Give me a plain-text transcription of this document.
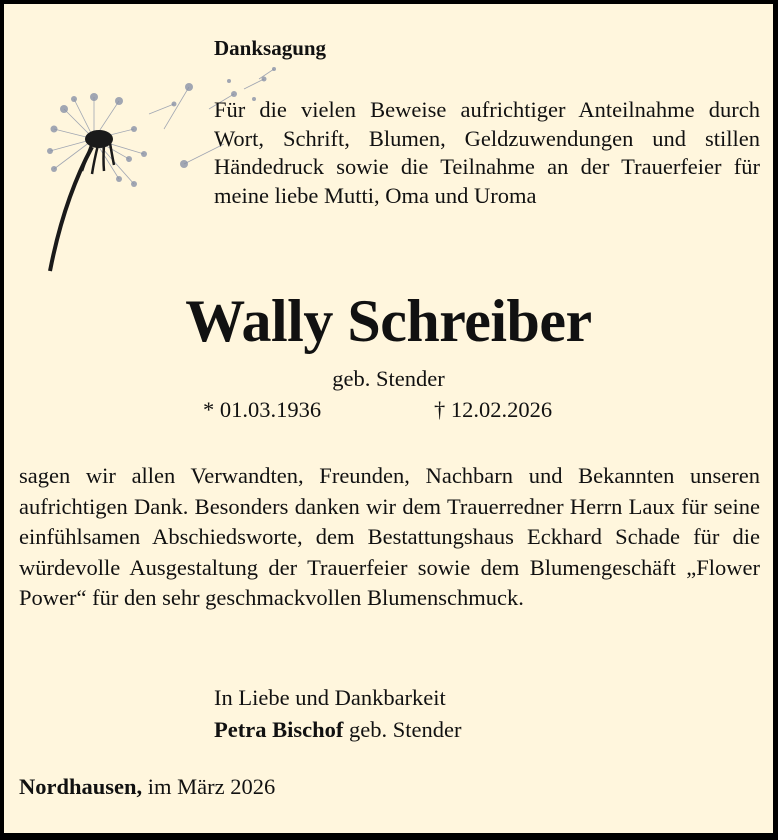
Danksagung
Für die vielen Beweise aufrichtiger Anteilnahme durch Wort, Schrift, Blumen, Geldzuwendungen und stillen Händedruck sowie die Teilnahme an der Trauerfeier für meine liebe Mutti, Oma und Uroma
Wally Schreiber
geb. Stender
* 01.03.1936	† 12.02.2026
sagen wir allen Verwandten, Freunden, Nachbarn und Bekannten unseren aufrichtigen Dank. Besonders danken wir dem Trauerredner Herrn Laux für seine einfühlsamen Abschiedsworte, dem Bestattungshaus Eckhard Schade für die würdevolle Ausgestaltung der Trauerfeier sowie dem Blumengeschäft „Flower Power“ für den sehr geschmackvollen Blumenschmuck.
In Liebe und Dankbarkeit
Petra Bischof geb. Stender
Nordhausen, im März 2026
